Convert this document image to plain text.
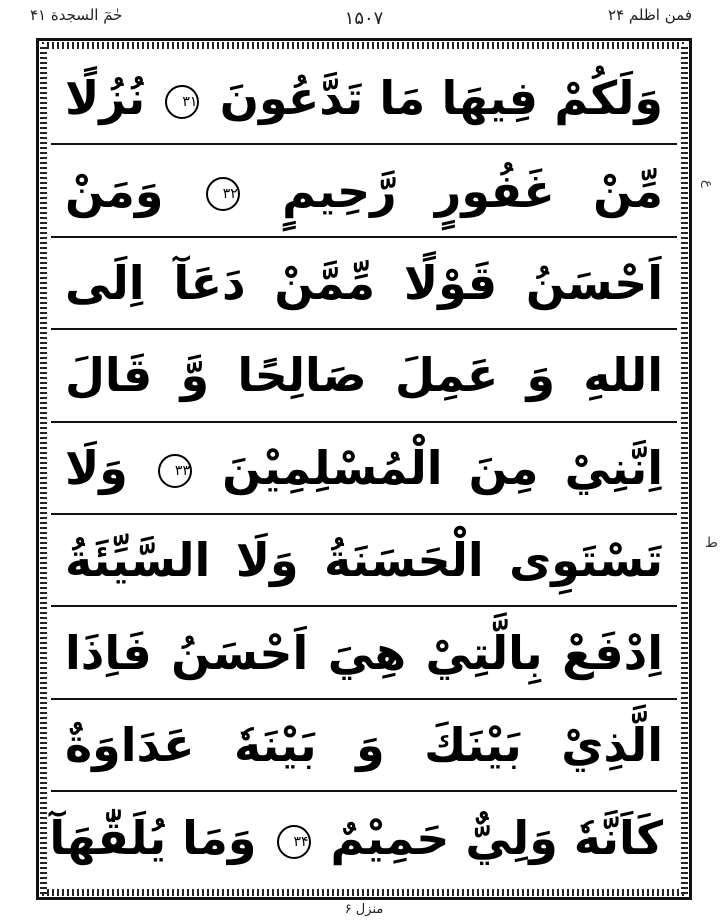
حٰمٓ السجدة ۴۱	۱۵۰۷	فمن اظلم ۲۴
وَلَكُمْ فِيهَا مَا تَدَّعُونَ ۳۱ نُزُلًا
مِّنْ غَفُورٍ رَّحِيمٍ ۳۲ وَمَنْ
اَحْسَنُ قَوْلًا مِّمَّنْ دَعَآ اِلَى
اللهِ وَ عَمِلَ صَالِحًا وَّ قَالَ
اِنَّنِيْ مِنَ الْمُسْلِمِيْنَ ۳۳ وَلَا
تَسْتَوِى الْحَسَنَةُ وَلَا السَّيِّئَةُ
اِدْفَعْ بِالَّتِيْ هِيَ اَحْسَنُ فَاِذَا
الَّذِيْ بَيْنَكَ وَ بَيْنَهٗ عَدَاوَةٌ
كَاَنَّهٗ وَلِيٌّ حَمِيْمٌ ۳۴ وَمَا يُلَقّٰهَآ
ع
ط
منزل ۶
